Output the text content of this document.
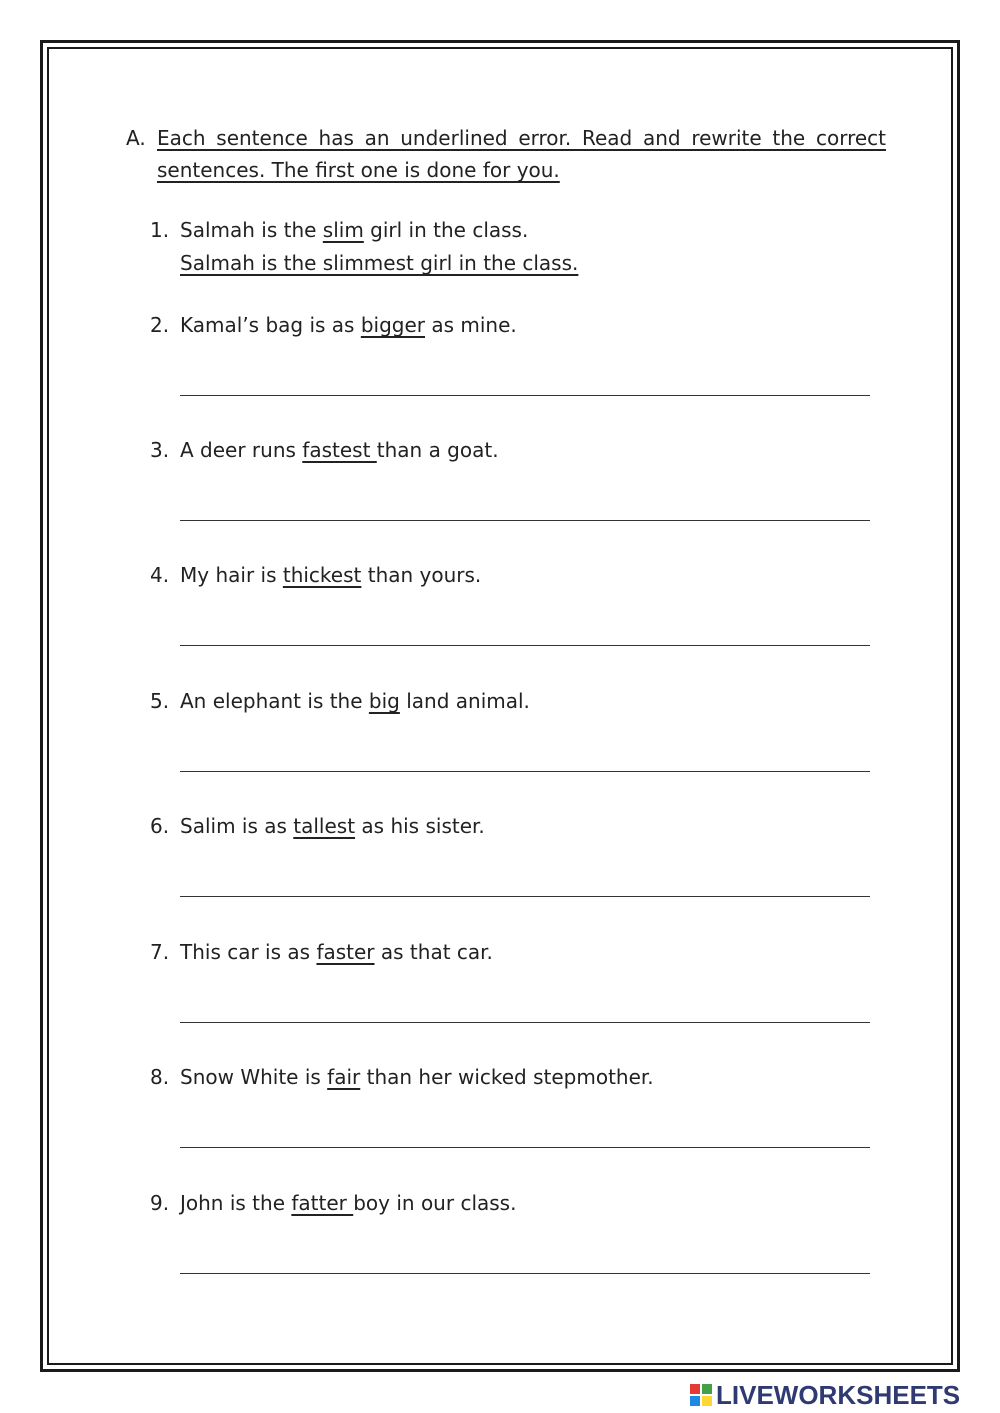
A. Each sentence has an underlined error. Read and rewrite the correct sentences. The first one is done for you.
1. Salmah is the slim girl in the class.
Salmah is the slimmest girl in the class.
2. Kamal’s bag is as bigger as mine.
3. A deer runs fastest than a goat.
4. My hair is thickest than yours.
5. An elephant is the big land animal.
6. Salim is as tallest as his sister.
7. This car is as faster as that car.
8. Snow White is fair than her wicked stepmother.
9. John is the fatter boy in our class.
LIVEWORKSHEETS
